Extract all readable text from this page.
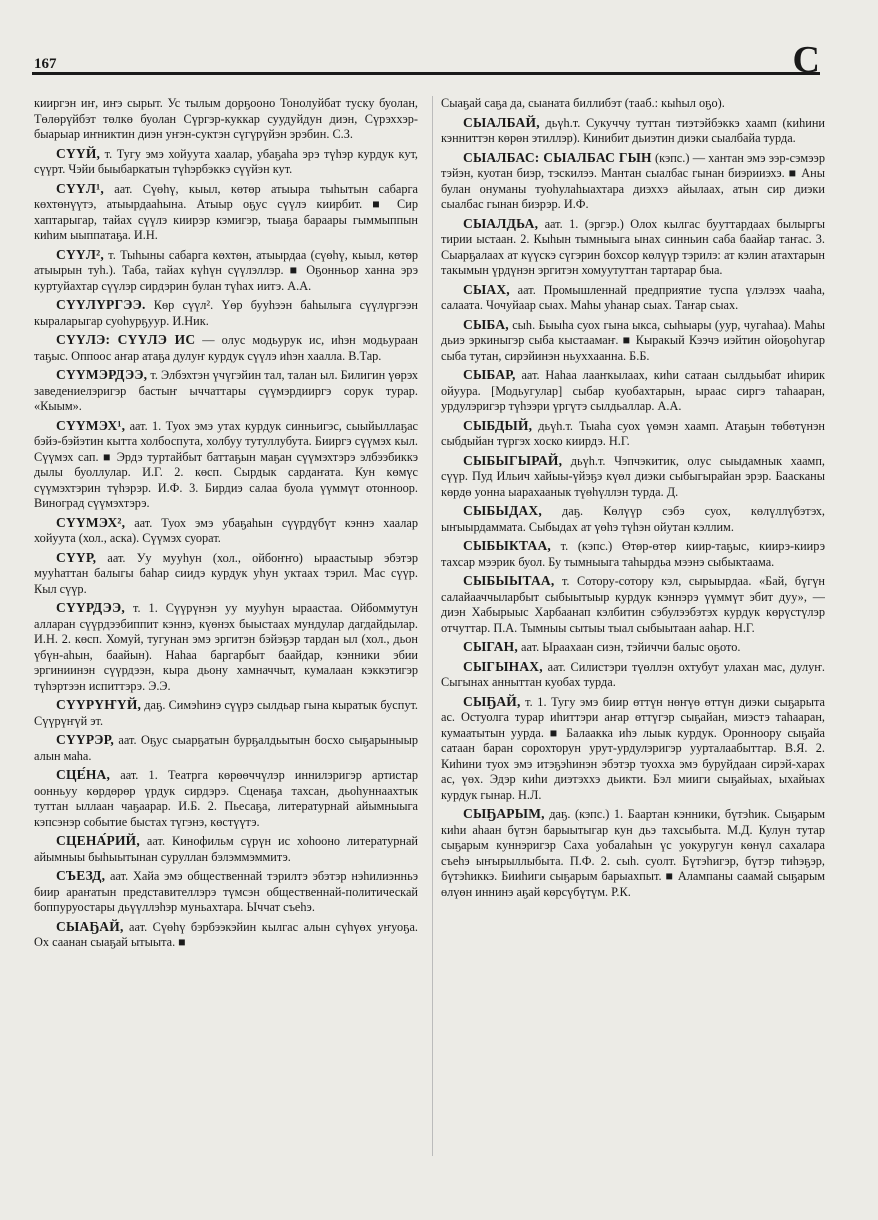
167	С

кииргэн иҥ, иҥэ сырыт. Ус тылым дорҕооно Тонолуйбат туску буолан, Төлөрүйбэт төлкө буолан Сүргэр-куккар суудуйдун диэн, Сүрэххэр-быарыар иҥниктин диэн уҥэн-суктэн сүгүрүйэн эрэбин. С.З.

СҮҮЙ, т. Тугу эмэ хойуута хаалар, убаҕаһа эрэ түһэр курдук кут, сүүрт. Чэйи быыбаркатын түһэрбэккэ сүүйэн кут.

СҮҮЛ¹, аат. Сүөһү, кыыл, көтөр атыыра тыһытын сабарга көхтөнүүтэ, атыырдааһына. Атыыр оҕус сүүлэ киирбит. ■ Сир хаптарыгар, тайах сүүлэ киирэр кэмигэр, тыаҕа бараары гыммыппын киһим ыыппатаҕа. И.Н.

СҮҮЛ², т. Тыһыны сабарга көхтөн, атыырдаа (сүөһү, кыыл, көтөр атыырын туһ.). Таба, тайах күһүн сүүлэллэр. ■ Оҕонньор ханна эрэ куртуйахтар сүүлэр сирдэрин булан түһах иитэ. А.А.

СҮҮЛҮРГЭЭ. Көр сүүл². Үөр бууһээн баһылыга сүүлүргээн кыраларыгар суоһурҕуур. И.Ник.

СҮҮЛЭ: СҮҮЛЭ ИС — олус модьурук ис, иһэн модьураан таҕыс. Оппоос аҥар атаҕа дулуҥ курдук сүүлэ иһэн хаалла. В.Тар.

СҮҮМЭРДЭЭ, т. Элбэхтэн үчүгэйин тал, талан ыл. Билигин үөрэх заведениелэригэр бастыҥ ыччаттары сүүмэрдииргэ сорук турар. «Кыым».

СҮҮМЭХ¹, аат. 1. Туох эмэ утах курдук синньигэс, сыыйыллаҕас бэйэ-бэйэтин кытта холбоспута, холбуу тутуллубута. Бииргэ сүүмэх кыл. Сүүмэх сап. ■ Эрдэ туртайбыт баттаҕын маҕан сүүмэхтэрэ элбээбиккэ дылы буоллулар. И.Г. 2. көсп. Сырдык сардаҥата. Кун көмүс сүүмэхтэрин түһэрэр. И.Ф. 3. Бирдиэ салаа буола үүммүт отонноор. Виноград сүүмэхтэрэ.

СҮҮМЭХ², аат. Туох эмэ убаҕаһын сүүрдүбүт кэннэ хаалар хойуута (хол., аска). Сүүмэх суорат.

СҮҮР, аат. Уу мууһун (хол., ойбоҥҥо) ыраастыыр эбэтэр мууһаттан балыгы баһар сиидэ курдук уһун уктаах тэрил. Мас сүүр. Кыл сүүр.

СҮҮРДЭЭ, т. 1. Сүүрүнэн уу мууһун ыраастаа. Ойбоммутун алларан сүүрдээбиппит кэннэ, күөнэх быыстаах мундулар дагдайдылар. И.Н. 2. көсп. Хомуй, тугунан эмэ эргитэн бэйэҕэр тардан ыл (хол., дьон үбүн-аһын, баайын). Наһаа баргарбыт баайдар, кэнники эбии эргиниинэн сүүрдээн, кыра дьону хамначчыт, кумалаан кэккэтигэр түһэртээн испиттэрэ. Э.Э.

СҮҮРҮҤҮЙ, даҕ. Симэһинэ сүүрэ сылдьар гына кыратык буспут. Сүүрүҥүй эт.

СҮҮРЭР, аат. Оҕус сыарҕатын бурҕалдьытын босхо сыҕарыныыр алын маһа.

СЦЕ́НА, аат. 1. Театрга көрөөччүлэр иннилэригэр артистар оонньуу көрдөрөр үрдук сирдэрэ. Сценаҕа тахсан, дьоһуннаахтык туттан ыллаан чаҕаарар. И.Б. 2. Пьесаҕа, литературнай айымныыга кэпсэнэр событие быстах түгэнэ, көстүүтэ.

СЦЕНА́РИЙ, аат. Кинофильм сүрүн ис хоһооно литературнай айымныы быһыытынан суруллан бэлэммэммитэ.

СЪЕЗД, аат. Хайа эмэ общественнай тэрилтэ эбэтэр нэһилиэнньэ биир араҥатын представителлэрэ түмсэн общественнай-политическай боппуруостары дьүүллэһэр муньахтара. Ыччат съеһэ.

СЫАҔАЙ, аат. Сүөһү бэрбээкэйин кылгас алын сүһүөх уҥуоҕа. Ох саанан сыаҕай ытыыта. ■

Сыаҕай саҕа да, сыаната биллибэт (тааб.: кыһыл оҕо).

СЫАЛБАЙ, дьүһ.т. Сукуччу туттан тиэтэйбэккэ хаамп (киһини кэнниттэн көрөн этиллэр). Кинибит дьиэтин диэки сыалбайа турда.

СЫАЛБАС: СЫАЛБАС ГЫН (кэпс.) — хантан эмэ ээр-сэмээр тэйэн, куотан биэр, тэскилээ. Мантан сыалбас гынан биэрииэхэ. ■ Аны булан онуманы туоһулаһыахтара диэххэ айылаах, атын сир диэки сыалбас гынан биэрэр. И.Ф.

СЫАЛДЬА, аат. 1. (эргэр.) Олох кылгас бууттардаах былыргы тирии ыстаан. 2. Кыһын тымныыга ынах синньин саба баайар таҥас. 3. Сыарҕалаах ат күүскэ сүгэрин бохсор көлүүр тэрилэ: ат кэлин атахтарын такымын үрдүнэн эргитэн хомуутуттан тартарар быа.

СЫАХ, аат. Промышленнай предприятие туспа үлэлээх чааһа, салаата. Чочуйаар сыах. Маһы уһанар сыах. Таҥар сыах.

СЫБА, сыһ. Быыһа суох гына ыкса, сыһыары (уур, чугаһаа). Маһы дьиэ эркиныгэр сыба кыстаамаҥ. ■ Кыракый Кээчэ иэйтин ойоҕоһугар сыба тутан, сирэйинэн ньуххаанна. Б.Б.

СЫБАР, аат. Наһаа лааҥкылаах, киһи сатаан сылдьыбат иһирик ойуура. [Модьугулар] сыбар куобахтарын, ыраас сиргэ таһааран, урдулэригэр түһээри үргүтэ сылдьаллар. А.А.

СЫБДЫЙ, дьүһ.т. Тыаһа суох үөмэн хаамп. Атаҕын төбөтүнэн сыбдыйан түргэх хоско киирдэ. Н.Г.

СЫБЫГЫРАЙ, дьүһ.т. Чэпчэкитик, олус сыыдамнык хаамп, сүүр. Пуд Ильич хайыы-үйэҕэ күөл диэки сыбыгырайан эрэр. Баасканы көрдө уонна ыарахаанык түөһүллэн турда. Д.

СЫБЫДАХ, даҕ. Көлүүр сэбэ суох, көлүллүбэтэх, ыҥыырдаммата. Сыбыдах ат үөһэ түһэн ойутан кэллим.

СЫБЫКТАА, т. (кэпс.) Өтөр-өтөр киир-таҕыс, киирэ-киирэ тахсар мээрик буол. Бу тымныыга таһырдьа мээнэ сыбыктаама.

СЫБЫЫТАА, т. Сотору-сотору кэл, сырыырдаа. «Бай, бүгүн салайааччыларбыт сыбыытыыр курдук кэннэрэ үүммүт эбит дуу», — диэн Хабырыыс Харбаанап кэлбитин сэбулээбэтэх курдук көрүстүлэр отчуттар. П.А. Тымныы сытыы тыал сыбыытаан ааһар. Н.Г.

СЫГАН, аат. Ыраахаан сиэн, тэйиччи балыс оҕото.

СЫГЫНАХ, аат. Силистэри түөллэн охтубут улахан мас, дулуҥ. Сыгынах анныттан куобах турда.

СЫҔАЙ, т. 1. Тугу эмэ биир өттүн нөҥүө өттүн диэки сыҕарыта ас. Остуолга турар иһиттэри аҥар өттүгэр сыҕайан, миэстэ таһааран, кумаатытын уурда. ■ Балаакка иһэ лыык курдук. Оронноору сыҕайа сатаан баран сорохторун урут-урдулэригэр уурталаабыттар. В.Я. 2. Киһини туох эмэ итэҕэһинэн эбэтэр туохха эмэ буруйдаан сирэй-харах ас, үөх. Эдэр киһи диэтэххэ дьикти. Бэл мииги сыҕайыах, ыхайыах курдук гынар. Н.Л.

СЫҔАРЫМ, даҕ. (кэпс.) 1. Баартан кэнники, бүтэһик. Сыҕарым киһи аһаан бүтэн барыытыгар кун дьэ тахсыбыта. М.Д. Кулун тутар сыҕарым куннэригэр Саха уобалаһын үс уокуругун көнүл сахалара съеһэ ыҥырыллыбыта. П.Ф. 2. сыһ. суолт. Бүтэһигэр, бүтэр тиһэҕэр, бүтэһиккэ. Бииһиги сыҕарым барыахпыт. ■ Алампаны саамай сыҕарым өлүөн иннинэ аҕай көрсүбүтүм. Р.К.
